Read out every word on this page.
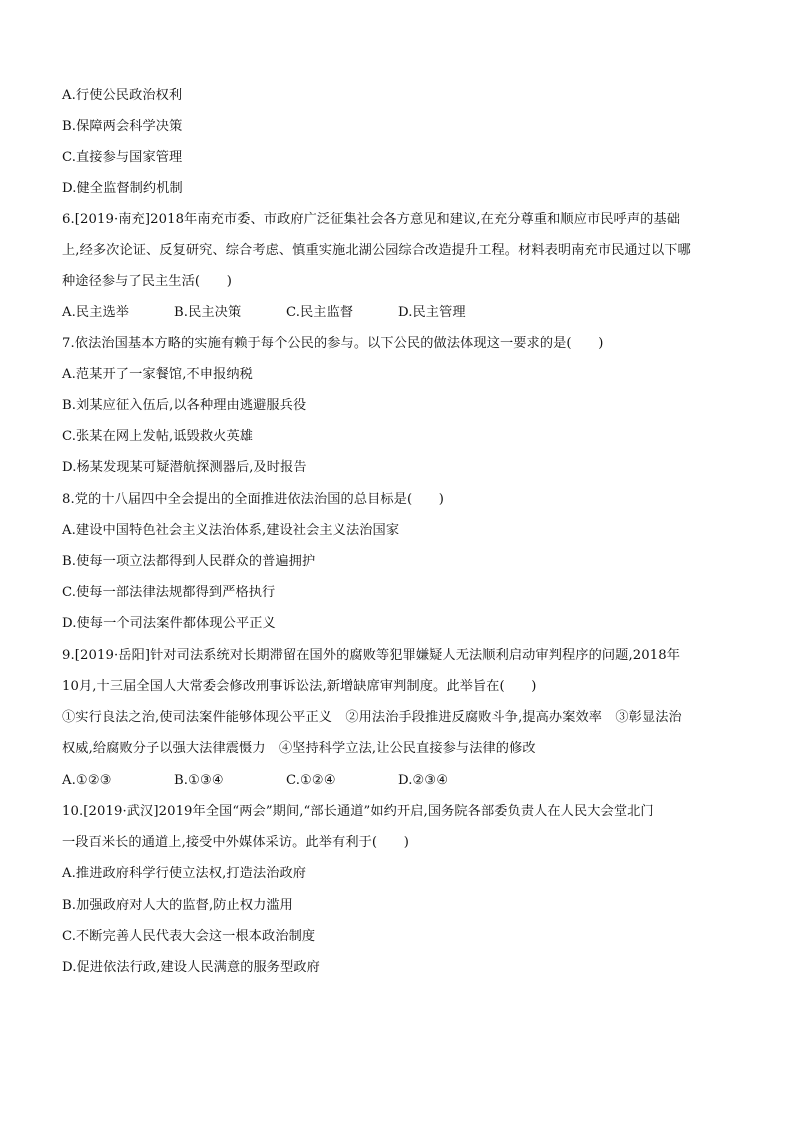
A.行使公民政治权利
B.保障两会科学决策
C.直接参与国家管理
D.健全监督制约机制
6.[2019·南充]2018年南充市委、市政府广泛征集社会各方意见和建议,在充分尊重和顺应市民呼声的基础
上,经多次论证、反复研究、综合考虑、慎重实施北湖公园综合改造提升工程。材料表明南充市民通过以下哪
种途径参与了民主生活(　　)
A.民主选举	B.民主决策	C.民主监督	D.民主管理
7.依法治国基本方略的实施有赖于每个公民的参与。以下公民的做法体现这一要求的是(　　)
A.范某开了一家餐馆,不申报纳税
B.刘某应征入伍后,以各种理由逃避服兵役
C.张某在网上发帖,诋毁救火英雄
D.杨某发现某可疑潜航探测器后,及时报告
8.党的十八届四中全会提出的全面推进依法治国的总目标是(　　)
A.建设中国特色社会主义法治体系,建设社会主义法治国家
B.使每一项立法都得到人民群众的普遍拥护
C.使每一部法律法规都得到严格执行
D.使每一个司法案件都体现公平正义
9.[2019·岳阳]针对司法系统对长期滞留在国外的腐败等犯罪嫌疑人无法顺利启动审判程序的问题,2018年
10月,十三届全国人大常委会修改刑事诉讼法,新增缺席审判制度。此举旨在(　　)
①实行良法之治,使司法案件能够体现公平正义　②用法治手段推进反腐败斗争,提高办案效率　③彰显法治
权威,给腐败分子以强大法律震慑力　④坚持科学立法,让公民直接参与法律的修改
A.①②③	B.①③④	C.①②④	D.②③④
10.[2019·武汉]2019年全国“两会”期间,“部长通道”如约开启,国务院各部委负责人在人民大会堂北门
一段百米长的通道上,接受中外媒体采访。此举有利于(　　)
A.推进政府科学行使立法权,打造法治政府
B.加强政府对人大的监督,防止权力滥用
C.不断完善人民代表大会这一根本政治制度
D.促进依法行政,建设人民满意的服务型政府
